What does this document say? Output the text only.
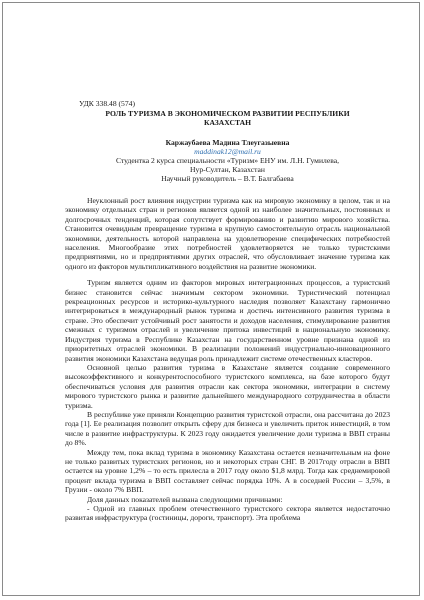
УДК 338.48 (574)

РОЛЬ ТУРИЗМА В ЭКОНОМИЧЕСКОМ РАЗВИТИИ РЕСПУБЛИКИ
КАЗАХСТАН
Каржаубаева Мадина Тлеугазыевна
maddinak12@mail.ru
Студентка 2 курса специальности «Туризм» ЕНУ им. Л.Н. Гумилева,
Нур-Султан, Казахстан
Научный руководитель – В.Т. Балгабаева

Неуклонный рост влияния индустрии туризма как на мировую экономику в целом, так и на экономику отдельных стран и регионов является одной из наиболее значительных, постоянных и долгосрочных тенденций, которая сопутствует формированию и развитию мирового хозяйства. Становится очевидным превращение туризма в крупную самостоятельную отрасль национальной экономики, деятельность которой направлена на удовлетворение специфических потребностей населения. Многообразие этих потребностей удовлетворяется не только туристскими предприятиями, но и предприятиями других отраслей, что обусловливает значение туризма как одного из факторов мультипликативного воздействия на развитие экономики.

Туризм является одним из факторов мировых интеграционных процессов, а туристский бизнес становится сейчас значимым сектором экономики. Туристический потенциал рекреационных ресурсов и историко-культурного наследия позволяет Казахстану гармонично интегрироваться в международный рынок туризма и достичь интенсивного развития туризма в стране. Это обеспечит устойчивый рост занятости и доходов населения, стимулирование развития смежных с туризмом отраслей и увеличение притока инвестиций в национальную экономику. Индустрия туризма в Республике Казахстан на государственном уровне признана одной из приоритетных отраслей экономики. В реализации положений индустриально-инновационного развития экономики Казахстана ведущая роль принадлежит системе отечественных кластеров.

Основной целью развития туризма в Казахстане является создание современного высокоэффективного и конкурентоспособного туристского комплекса, на базе которого будут обеспечиваться условия для развития отрасли как сектора экономики, интеграции в систему мирового туристского рынка и развитие дальнейшего международного сотрудничества в области туризма.

В республике уже приняли Концепцию развития туристской отрасли, она рассчитана до 2023 года [1]. Ее реализация позволит открыть сферу для бизнеса и увеличить приток инвестиций, в том числе в развитие инфраструктуры. К 2023 году ожидается увеличение доли туризма в ВВП страны до 8%.

Между тем, пока вклад туризма в экономику Казахстана остается незначительным на фоне не только развитых туристских регионов, но и некоторых стран СНГ. В 2017году отрасли в ВВП остается на уровне 1,2% – то есть прилесла в 2017 году около $1,8 млрд. Тогда как среднемировой процент вклада туризма в ВВП составляет сейчас порядка 10%. А в соседней России – 3,5%, в Грузии - около 7% ВВП.

Доля данных показателей вызвана следующими причинами:

- Одной из главных проблем отечественного туристского сектора является недостаточно развитая инфраструктура (гостиницы, дороги, транспорт). Эта проблема
